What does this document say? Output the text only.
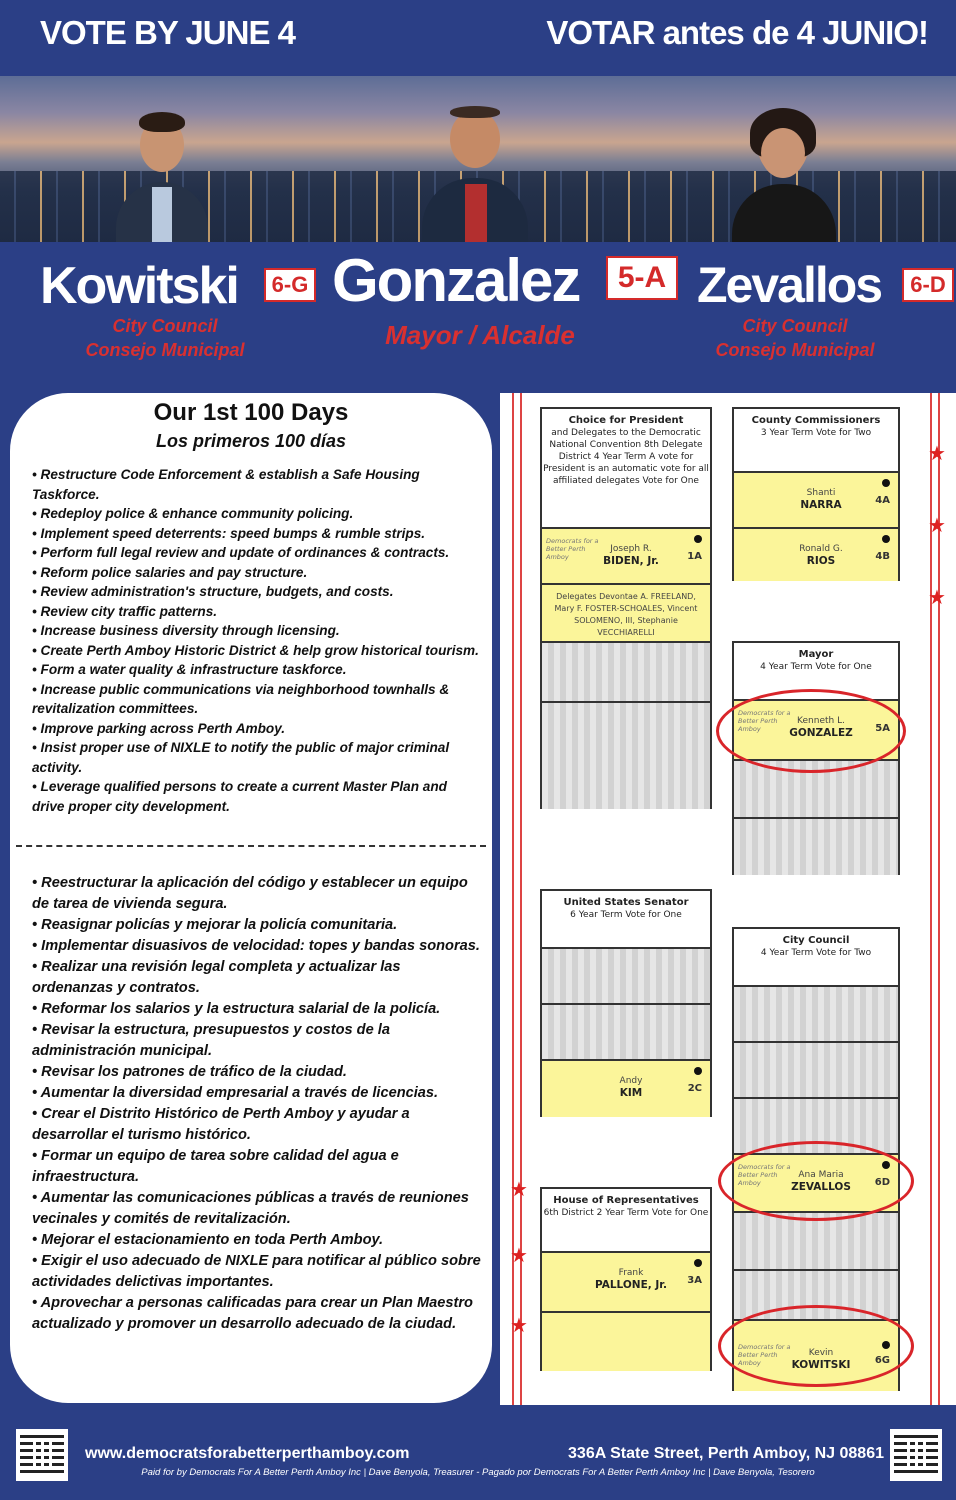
VOTE BY JUNE 4	VOTAR antes de 4 JUNIO!
Kowitski	6-G
City Council
Consejo Municipal
Gonzalez	5-A
Mayor / Alcalde
Zevallos	6-D
City Council
Consejo Municipal
Our 1st 100 Days
Los primeros 100 días
• Restructure Code Enforcement & establish a Safe Housing Taskforce.
• Redeploy police & enhance community policing.
• Implement speed deterrents: speed bumps & rumble strips.
• Perform full legal review and update of ordinances & contracts.
• Reform police salaries and pay structure.
• Review administration's structure, budgets, and costs.
• Review city traffic patterns.
• Increase business diversity through licensing.
• Create Perth Amboy Historic District & help grow historical tourism.
• Form a water quality & infrastructure taskforce.
• Increase public communications via neighborhood townhalls & revitalization committees.
• Improve parking across Perth Amboy.
• Insist proper use of NIXLE to notify the public of major criminal activity.
• Leverage qualified persons to create a current Master Plan and drive proper city development.
• Reestructurar la aplicación del código y establecer un equipo de tarea de vivienda segura.
• Reasignar policías y mejorar la policía comunitaria.
• Implementar disuasivos de velocidad: topes y bandas sonoras.
• Realizar una revisión legal completa y actualizar las ordenanzas y contratos.
• Reformar los salarios y la estructura salarial de la policía.
• Revisar la estructura, presupuestos y costos de la administración municipal.
• Revisar los patrones de tráfico de la ciudad.
• Aumentar la diversidad empresarial a través de licencias.
• Crear el Distrito Histórico de Perth Amboy y ayudar a desarrollar el turismo histórico.
• Formar un equipo de tarea sobre calidad del agua e infraestructura.
• Aumentar las comunicaciones públicas a través de reuniones vecinales y comités de revitalización.
• Mejorar el estacionamiento en toda Perth Amboy.
• Exigir el uso adecuado de NIXLE para notificar al público sobre actividades delictivas importantes.
• Aprovechar a personas calificadas para crear un Plan Maestro actualizado y promover un desarrollo adecuado de la ciudad.
★
★
★
★
★
★
Choice for President
and Delegates to the Democratic National Convention 8th Delegate District 4 Year Term A vote for President is an automatic vote for all affiliated delegates Vote for One
Democrats for a Better Perth Amboy
Joseph R.
BIDEN, Jr.	1A
Delegates Devontae A. FREELAND, Mary F. FOSTER-SCHOALES, Vincent SOLOMENO, III, Stephanie VECCHIARELLI
County Commissioners
3 Year Term Vote for Two
Shanti
NARRA	4A
Ronald G.
RIOS	4B
Mayor
4 Year Term Vote for One
Democrats for a Better Perth Amboy
Kenneth L.
GONZALEZ	5A
United States Senator
6 Year Term Vote for One
Andy
KIM	2C
City Council
4 Year Term Vote for Two
Democrats for a Better Perth Amboy
Ana Maria
ZEVALLOS	6D
Democrats for a Better Perth Amboy
Kevin
KOWITSKI	6G
House of Representatives
6th District 2 Year Term Vote for One
Frank
PALLONE, Jr.	3A
www.democratsforabetterperthamboy.com	336A State Street, Perth Amboy, NJ 08861
Paid for by Democrats For A Better Perth Amboy Inc | Dave Benyola, Treasurer - Pagado por Democrats For A Better Perth Amboy Inc | Dave Benyola, Tesorero
